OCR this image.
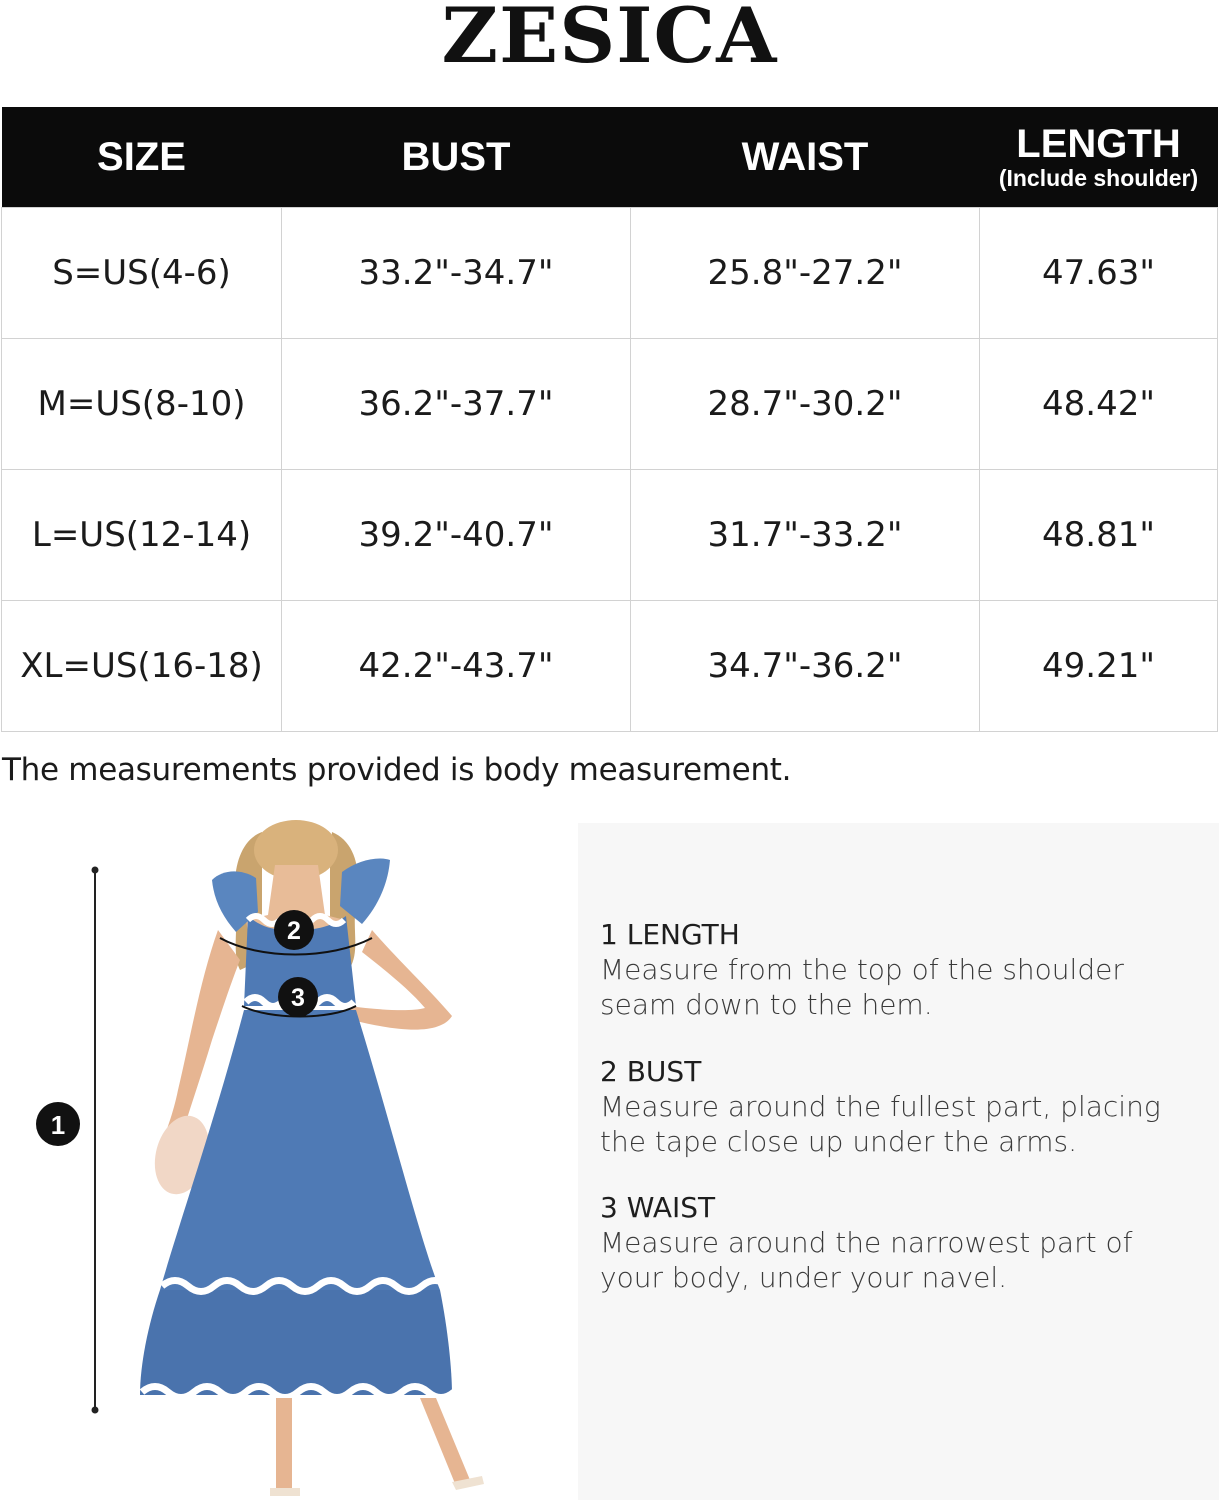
ZESICA
SIZE	BUST	WAIST	LENGTH
(Include shoulder)

S=US(4-6)	33.2"-34.7"	25.8"-27.2"	47.63"
M=US(8-10)	36.2"-37.7"	28.7"-30.2"	48.42"
L=US(12-14)	39.2"-40.7"	31.7"-33.2"	48.81"
XL=US(16-18)	42.2"-43.7"	34.7"-36.2"	49.21"
The measurements provided is body measurement.
1
2
3
1 LENGTH
Measure from the top of the shoulder
seam down to the hem.
2 BUST
Measure around the fullest part, placing
the tape close up under the arms.
3 WAIST
Measure around the narrowest part of
your body, under your navel.
